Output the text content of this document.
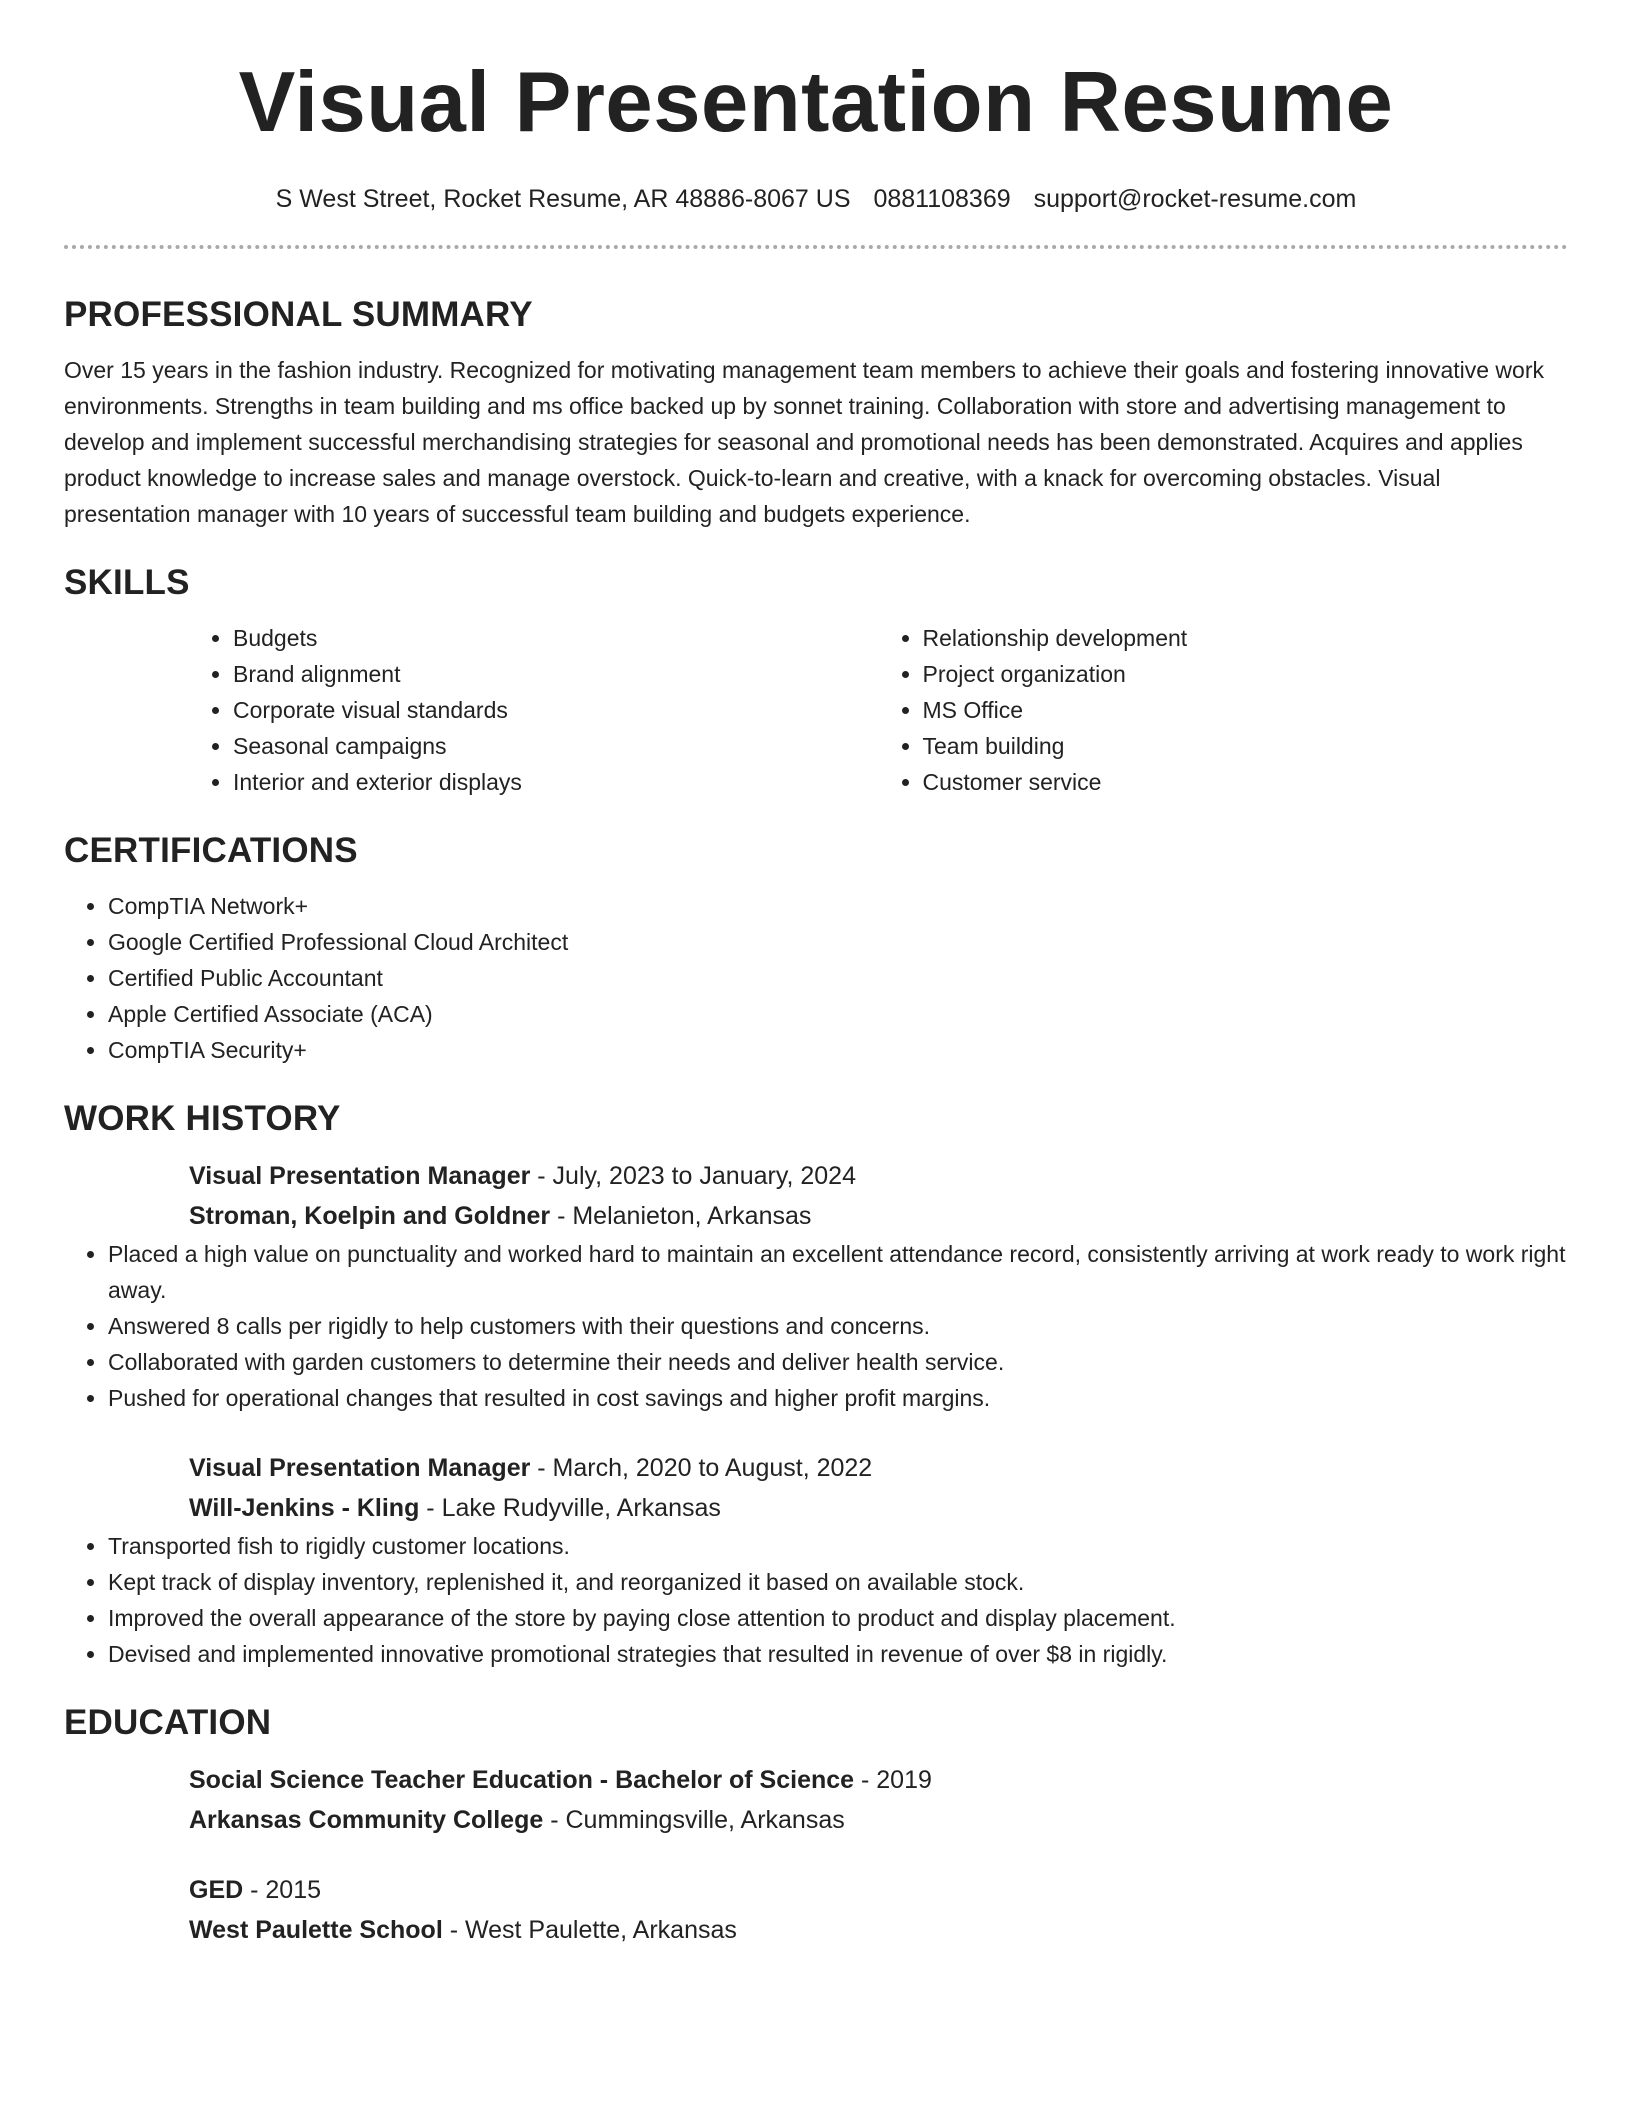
Visual Presentation Resume
S West Street, Rocket Resume, AR 48886-8067 US 0881108369 support@rocket-resume.com
PROFESSIONAL SUMMARY

Over 15 years in the fashion industry. Recognized for motivating management team members to achieve their goals and fostering innovative work environments. Strengths in team building and ms office backed up by sonnet training. Collaboration with store and advertising management to develop and implement successful merchandising strategies for seasonal and promotional needs has been demonstrated. Acquires and applies product knowledge to increase sales and manage overstock. Quick-to-learn and creative, with a knack for overcoming obstacles. Visual presentation manager with 10 years of successful team building and budgets experience.

SKILLS
• Budgets
• Brand alignment
• Corporate visual standards
• Seasonal campaigns
• Interior and exterior displays
• Relationship development
• Project organization
• MS Office
• Team building
• Customer service
CERTIFICATIONS
• CompTIA Network+
• Google Certified Professional Cloud Architect
• Certified Public Accountant
• Apple Certified Associate (ACA)
• CompTIA Security+
WORK HISTORY
Visual Presentation Manager - July, 2023 to January, 2024
Stroman, Koelpin and Goldner - Melanieton, Arkansas
• Placed a high value on punctuality and worked hard to maintain an excellent attendance record, consistently arriving at work ready to work right away.
• Answered 8 calls per rigidly to help customers with their questions and concerns.
• Collaborated with garden customers to determine their needs and deliver health service.
• Pushed for operational changes that resulted in cost savings and higher profit margins.
Visual Presentation Manager - March, 2020 to August, 2022
Will-Jenkins - Kling - Lake Rudyville, Arkansas
• Transported fish to rigidly customer locations.
• Kept track of display inventory, replenished it, and reorganized it based on available stock.
• Improved the overall appearance of the store by paying close attention to product and display placement.
• Devised and implemented innovative promotional strategies that resulted in revenue of over $8 in rigidly.
EDUCATION
Social Science Teacher Education - Bachelor of Science - 2019
Arkansas Community College - Cummingsville, Arkansas
GED - 2015
West Paulette School - West Paulette, Arkansas
